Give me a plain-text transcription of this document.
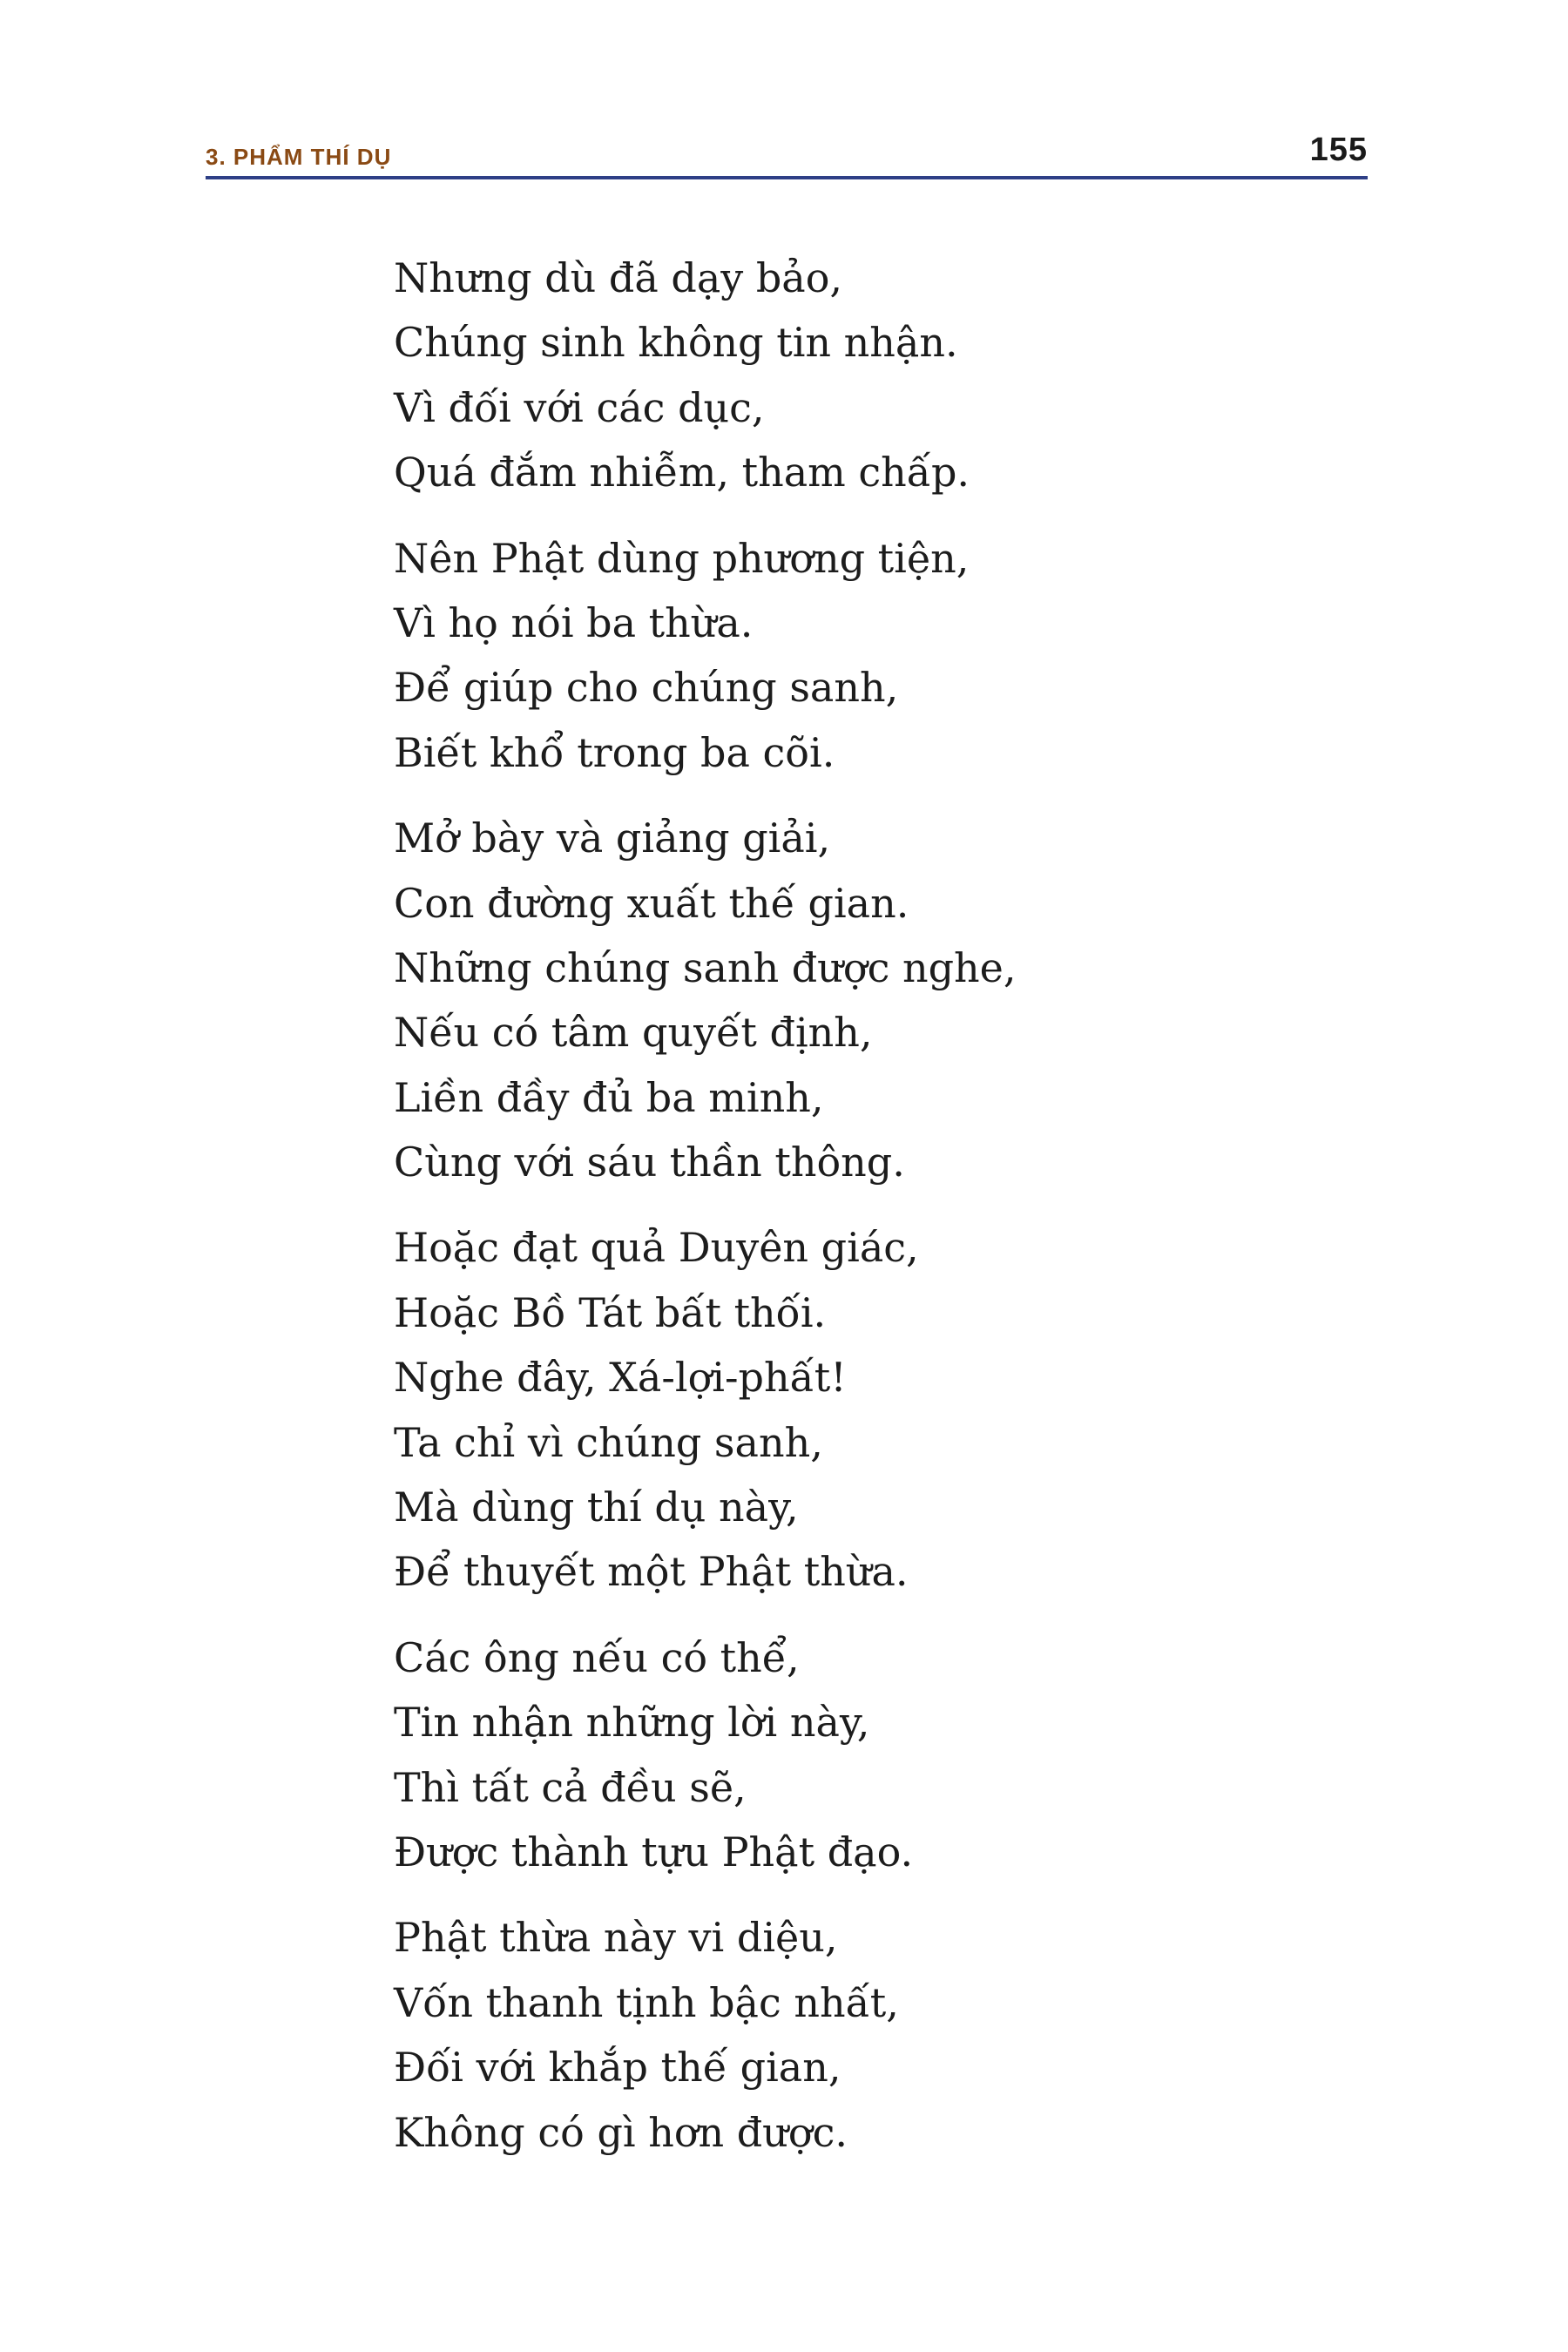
3. PHẨM THÍ DỤ	155
Nhưng dù đã dạy bảo,
Chúng sinh không tin nhận.
Vì đối với các dục,
Quá đắm nhiễm, tham chấp.
Nên Phật dùng phương tiện,
Vì họ nói ba thừa.
Để giúp cho chúng sanh,
Biết khổ trong ba cõi.
Mở bày và giảng giải,
Con đường xuất thế gian.
Những chúng sanh được nghe,
Nếu có tâm quyết định,
Liền đầy đủ ba minh,
Cùng với sáu thần thông.
Hoặc đạt quả Duyên giác,
Hoặc Bồ Tát bất thối.
Nghe đây, Xá-lợi-phất!
Ta chỉ vì chúng sanh,
Mà dùng thí dụ này,
Để thuyết một Phật thừa.
Các ông nếu có thể,
Tin nhận những lời này,
Thì tất cả đều sẽ,
Được thành tựu Phật đạo.
Phật thừa này vi diệu,
Vốn thanh tịnh bậc nhất,
Đối với khắp thế gian,
Không có gì hơn được.
